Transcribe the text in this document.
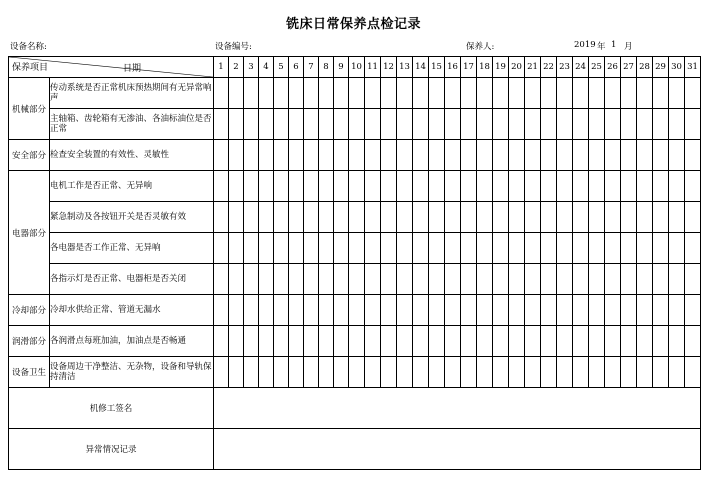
铣床日常保养点检记录
设备名称:	设备编号:	保养人:	2019 年 1 月
保养项目 日期		1	2	3	4	5	6	7	8	9	10	11	12	13	14	15	16	17	18	19	20	21	22	23	24	25	26	27	28	29	30	31
机械部分	传动系统是否正常机床预热期间有无异常响声																															
	主轴箱、齿轮箱有无渗油、各油标油位是否正常																															
安全部分	检查安全装置的有效性、灵敏性																															
电器部分	电机工作是否正常、无异响																															
	紧急制动及各按钮开关是否灵敏有效																															
	各电器是否工作正常、无异响																															
	各指示灯是否正常、电器柜是否关闭																															
冷却部分	冷却水供给正常、管道无漏水																															
润滑部分	各润滑点每班加油，加油点是否畅通																															
设备卫生	设备周边干净整洁、无杂物，设备和导轨保持清洁																															
机修工签名																																
异常情况记录																																
